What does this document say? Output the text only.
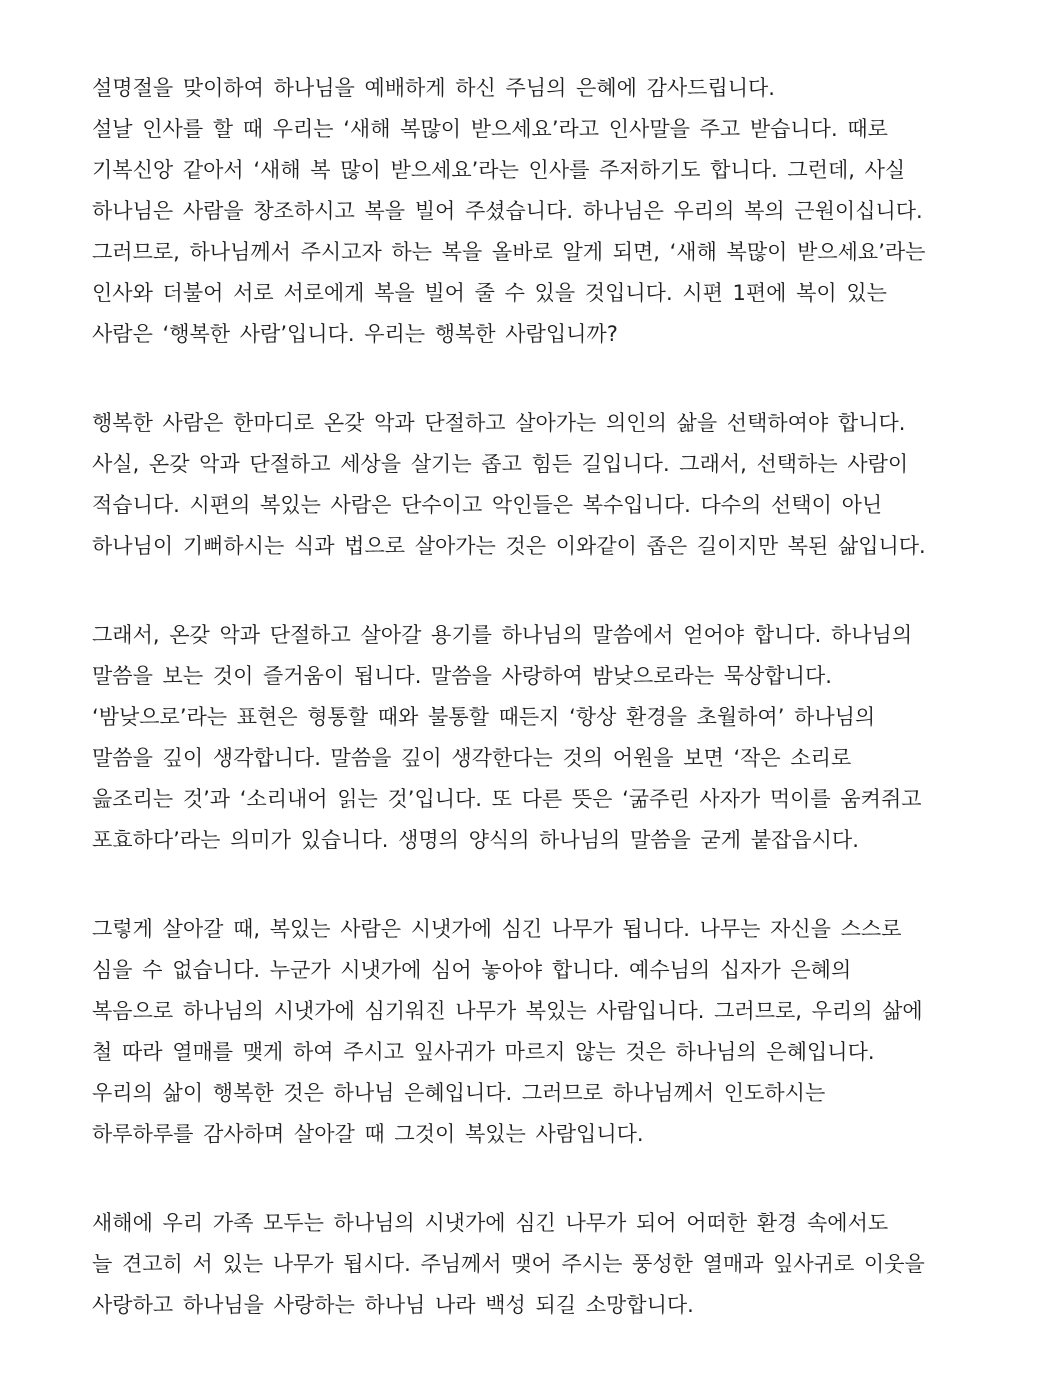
설명절을 맞이하여 하나님을 예배하게 하신 주님의 은혜에 감사드립니다.
설날 인사를 할 때 우리는 ‘새해 복많이 받으세요’라고 인사말을 주고 받습니다. 때로
기복신앙 같아서 ‘새해 복 많이 받으세요’라는 인사를 주저하기도 합니다. 그런데, 사실
하나님은 사람을 창조하시고 복을 빌어 주셨습니다. 하나님은 우리의 복의 근원이십니다.
그러므로, 하나님께서 주시고자 하는 복을 올바로 알게 되면, ‘새해 복많이 받으세요’라는
인사와 더불어 서로 서로에게 복을 빌어 줄 수 있을 것입니다. 시편 1편에 복이 있는
사람은 ‘행복한 사람’입니다. 우리는 행복한 사람입니까?
행복한 사람은 한마디로 온갖 악과 단절하고 살아가는 의인의 삶을 선택하여야 합니다.
사실, 온갖 악과 단절하고 세상을 살기는 좁고 힘든 길입니다. 그래서, 선택하는 사람이
적습니다. 시편의 복있는 사람은 단수이고 악인들은 복수입니다. 다수의 선택이 아닌
하나님이 기뻐하시는 식과 법으로 살아가는 것은 이와같이 좁은 길이지만 복된 삶입니다.
그래서, 온갖 악과 단절하고 살아갈 용기를 하나님의 말씀에서 얻어야 합니다. 하나님의
말씀을 보는 것이 즐거움이 됩니다. 말씀을 사랑하여 밤낮으로라는 묵상합니다.
‘밤낮으로’라는 표현은 형통할 때와 불통할 때든지 ‘항상 환경을 초월하여’ 하나님의
말씀을 깊이 생각합니다. 말씀을 깊이 생각한다는 것의 어원을 보면 ‘작은 소리로
읊조리는 것’과 ‘소리내어 읽는 것’입니다. 또 다른 뜻은 ‘굶주린 사자가 먹이를 움켜쥐고
포효하다’라는 의미가 있습니다. 생명의 양식의 하나님의 말씀을 굳게 붙잡읍시다.
그렇게 살아갈 때, 복있는 사람은 시냇가에 심긴 나무가 됩니다. 나무는 자신을 스스로
심을 수 없습니다. 누군가 시냇가에 심어 놓아야 합니다. 예수님의 십자가 은혜의
복음으로 하나님의 시냇가에 심기워진 나무가 복있는 사람입니다. 그러므로, 우리의 삶에
철 따라 열매를 맺게 하여 주시고 잎사귀가 마르지 않는 것은 하나님의 은혜입니다.
우리의 삶이 행복한 것은 하나님 은혜입니다. 그러므로 하나님께서 인도하시는
하루하루를 감사하며 살아갈 때 그것이 복있는 사람입니다.
새해에 우리 가족 모두는 하나님의 시냇가에 심긴 나무가 되어 어떠한 환경 속에서도
늘 견고히 서 있는 나무가 됩시다. 주님께서 맺어 주시는 풍성한 열매과 잎사귀로 이웃을
사랑하고 하나님을 사랑하는 하나님 나라 백성 되길 소망합니다.
